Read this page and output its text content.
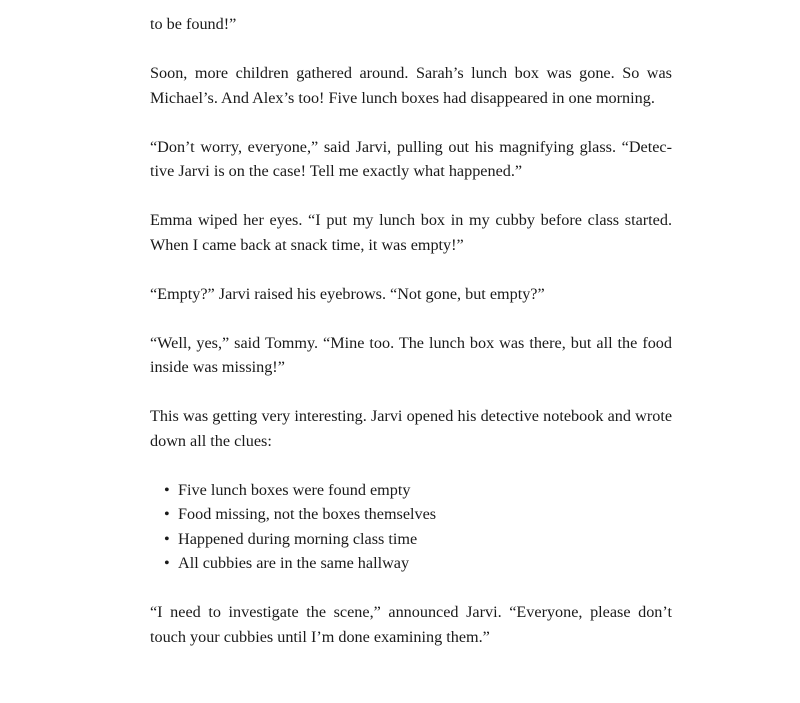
to be found!”

Soon, more children gathered around. Sarah’s lunch box was gone. So was Michael’s. And Alex’s too! Five lunch boxes had disappeared in one morning.

“Don’t worry, everyone,” said Jarvi, pulling out his magnifying glass. “Detective Jarvi is on the case! Tell me exactly what happened.”

Emma wiped her eyes. “I put my lunch box in my cubby before class started. When I came back at snack time, it was empty!”

“Empty?” Jarvi raised his eyebrows. “Not gone, but empty?”

“Well, yes,” said Tommy. “Mine too. The lunch box was there, but all the food inside was missing!”

This was getting very interesting. Jarvi opened his detective notebook and wrote down all the clues:

• Five lunch boxes were found empty
• Food missing, not the boxes themselves
• Happened during morning class time
• All cubbies are in the same hallway

“I need to investigate the scene,” announced Jarvi. “Everyone, please don’t touch your cubbies until I’m done examining them.”
